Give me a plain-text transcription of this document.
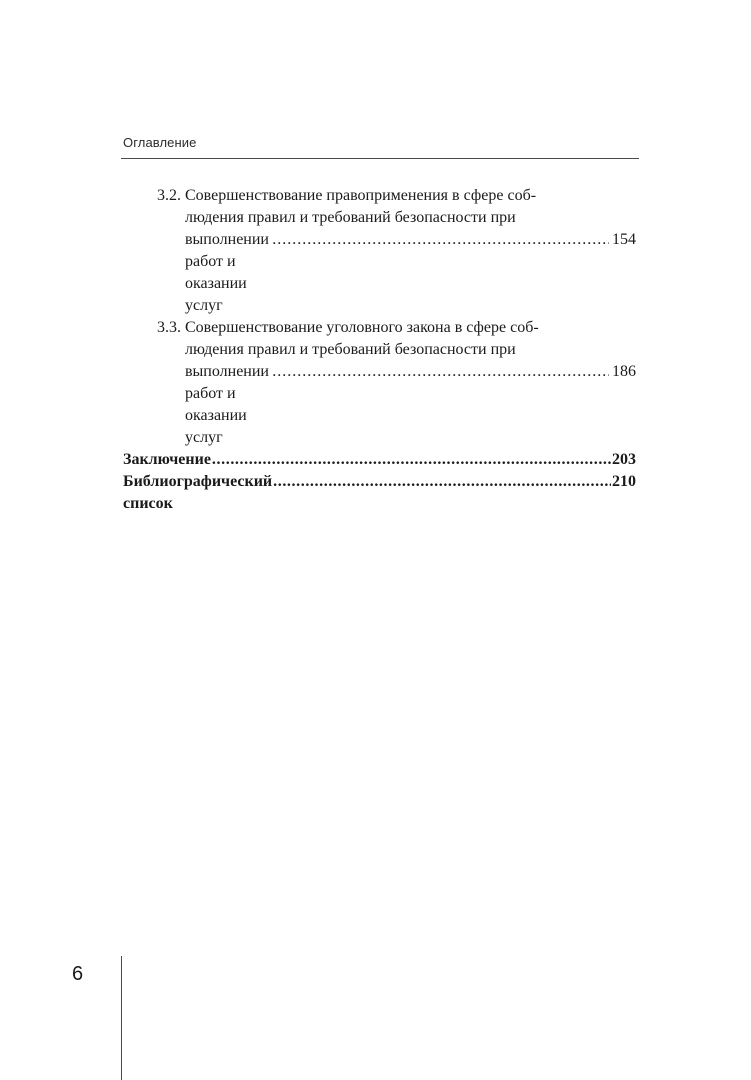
Оглавление
3.2. Совершенствование правоприменения в сфере соб-
людения правил и требований безопасности при
выполнении работ и оказании услуг
.....
154
3.3. Совершенствование уголовного закона в сфере соб-
людения правил и требований безопасности при
выполнении работ и оказании услуг
.....
186
Заключение
.....	203
Библиографический список
.....
210
6
